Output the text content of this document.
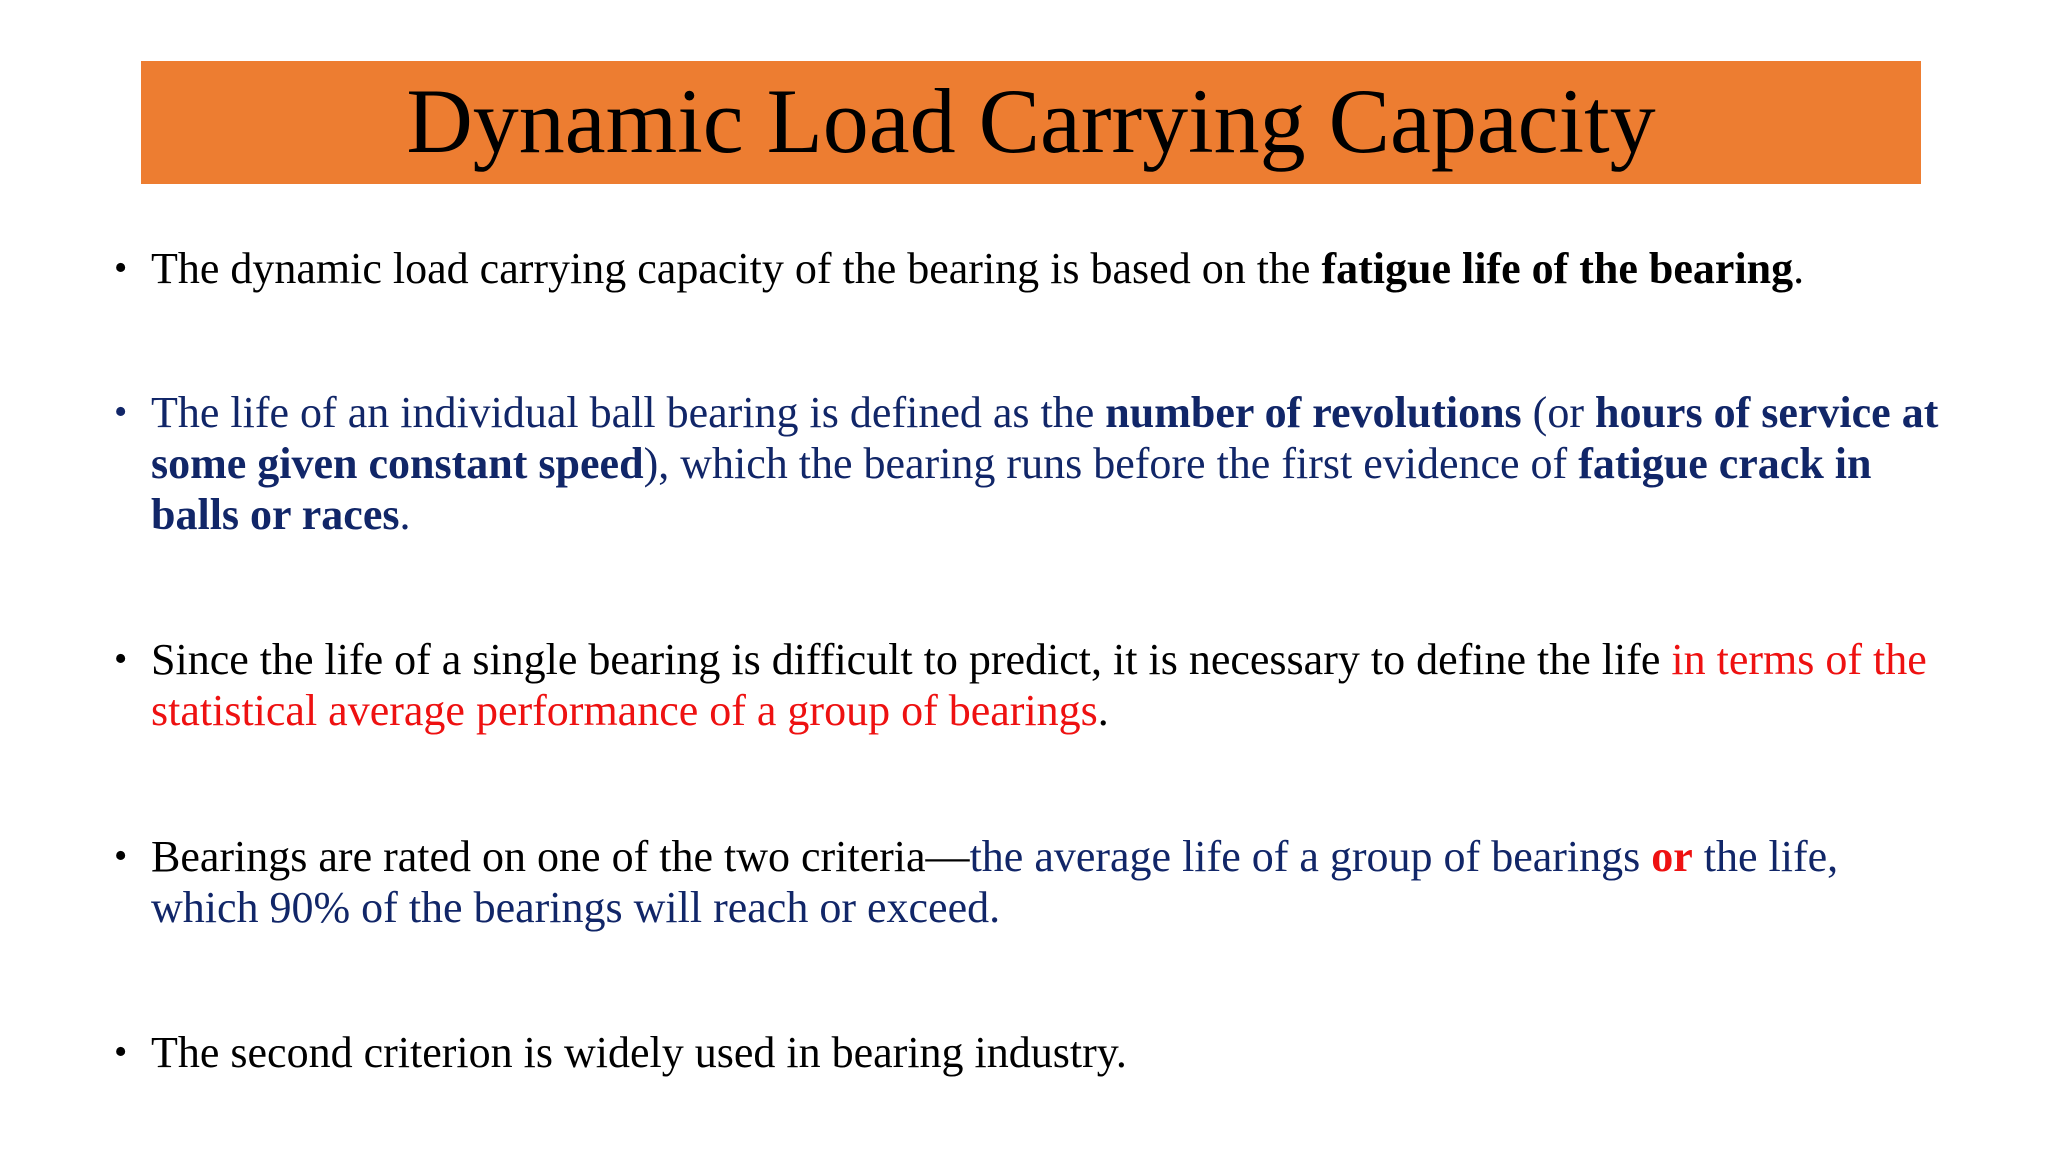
Dynamic Load Carrying Capacity
• The dynamic load carrying capacity of the bearing is based on the fatigue life of the bearing.
• The life of an individual ball bearing is defined as the number of revolutions (or hours of service at some given constant speed), which the bearing runs before the first evidence of fatigue crack in balls or races.
• Since the life of a single bearing is difficult to predict, it is necessary to define the life in terms of the statistical average performance of a group of bearings.
• Bearings are rated on one of the two criteria—the average life of a group of bearings or the life, which 90% of the bearings will reach or exceed.
• The second criterion is widely used in bearing industry.
